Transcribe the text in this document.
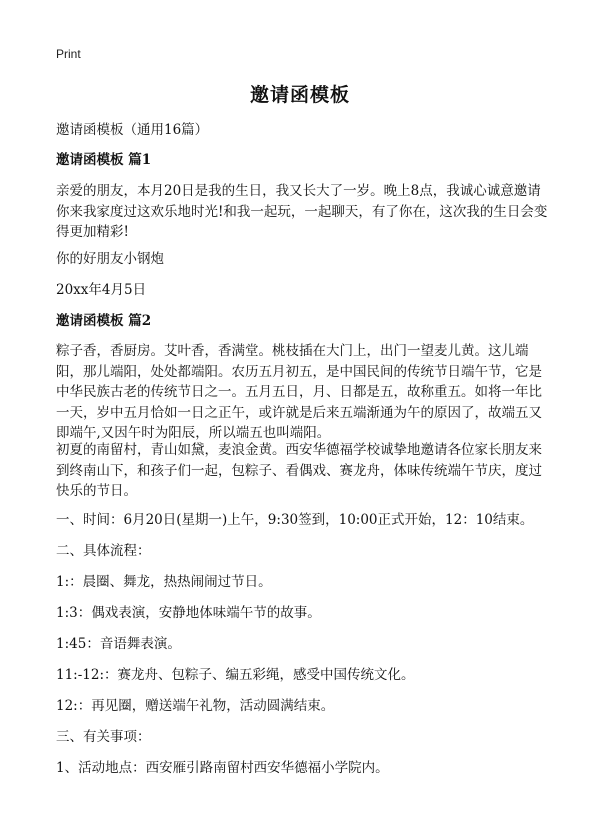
Print
邀请函模板

邀请函模板（通用16篇）

邀请函模板 篇1

亲爱的朋友，本月20日是我的生日，我又长大了一岁。晚上8点，我诚心诚意邀请你来我家度过这欢乐地时光!和我一起玩，一起聊天，有了你在，这次我的生日会变得更加精彩!

你的好朋友小钢炮

20xx年4月5日

邀请函模板 篇2

粽子香，香厨房。艾叶香，香满堂。桃枝插在大门上，出门一望麦儿黄。这儿端阳，那儿端阳，处处都端阳。农历五月初五，是中国民间的传统节日端午节，它是中华民族古老的传统节日之一。五月五日，月、日都是五，故称重五。如将一年比一天，岁中五月恰如一日之正午，或许就是后来五端渐通为午的原因了，故端五又即端午,又因午时为阳辰，所以端五也叫端阳。

初夏的南留村，青山如黛，麦浪金黄。西安华德福学校诚挚地邀请各位家长朋友来到终南山下，和孩子们一起，包粽子、看偶戏、赛龙舟，体味传统端午节庆，度过快乐的节日。

一、时间：6月20日(星期一)上午，9:30签到，10:00正式开始，12：10结束。

二、具体流程：

1:：晨圈、舞龙，热热闹闹过节日。

1:3：偶戏表演，安静地体味端午节的故事。

1:45：音语舞表演。

11:-12:：赛龙舟、包粽子、编五彩绳，感受中国传统文化。

12:：再见圈，赠送端午礼物，活动圆满结束。

三、有关事项：

1、活动地点：西安雁引路南留村西安华德福小学院内。
